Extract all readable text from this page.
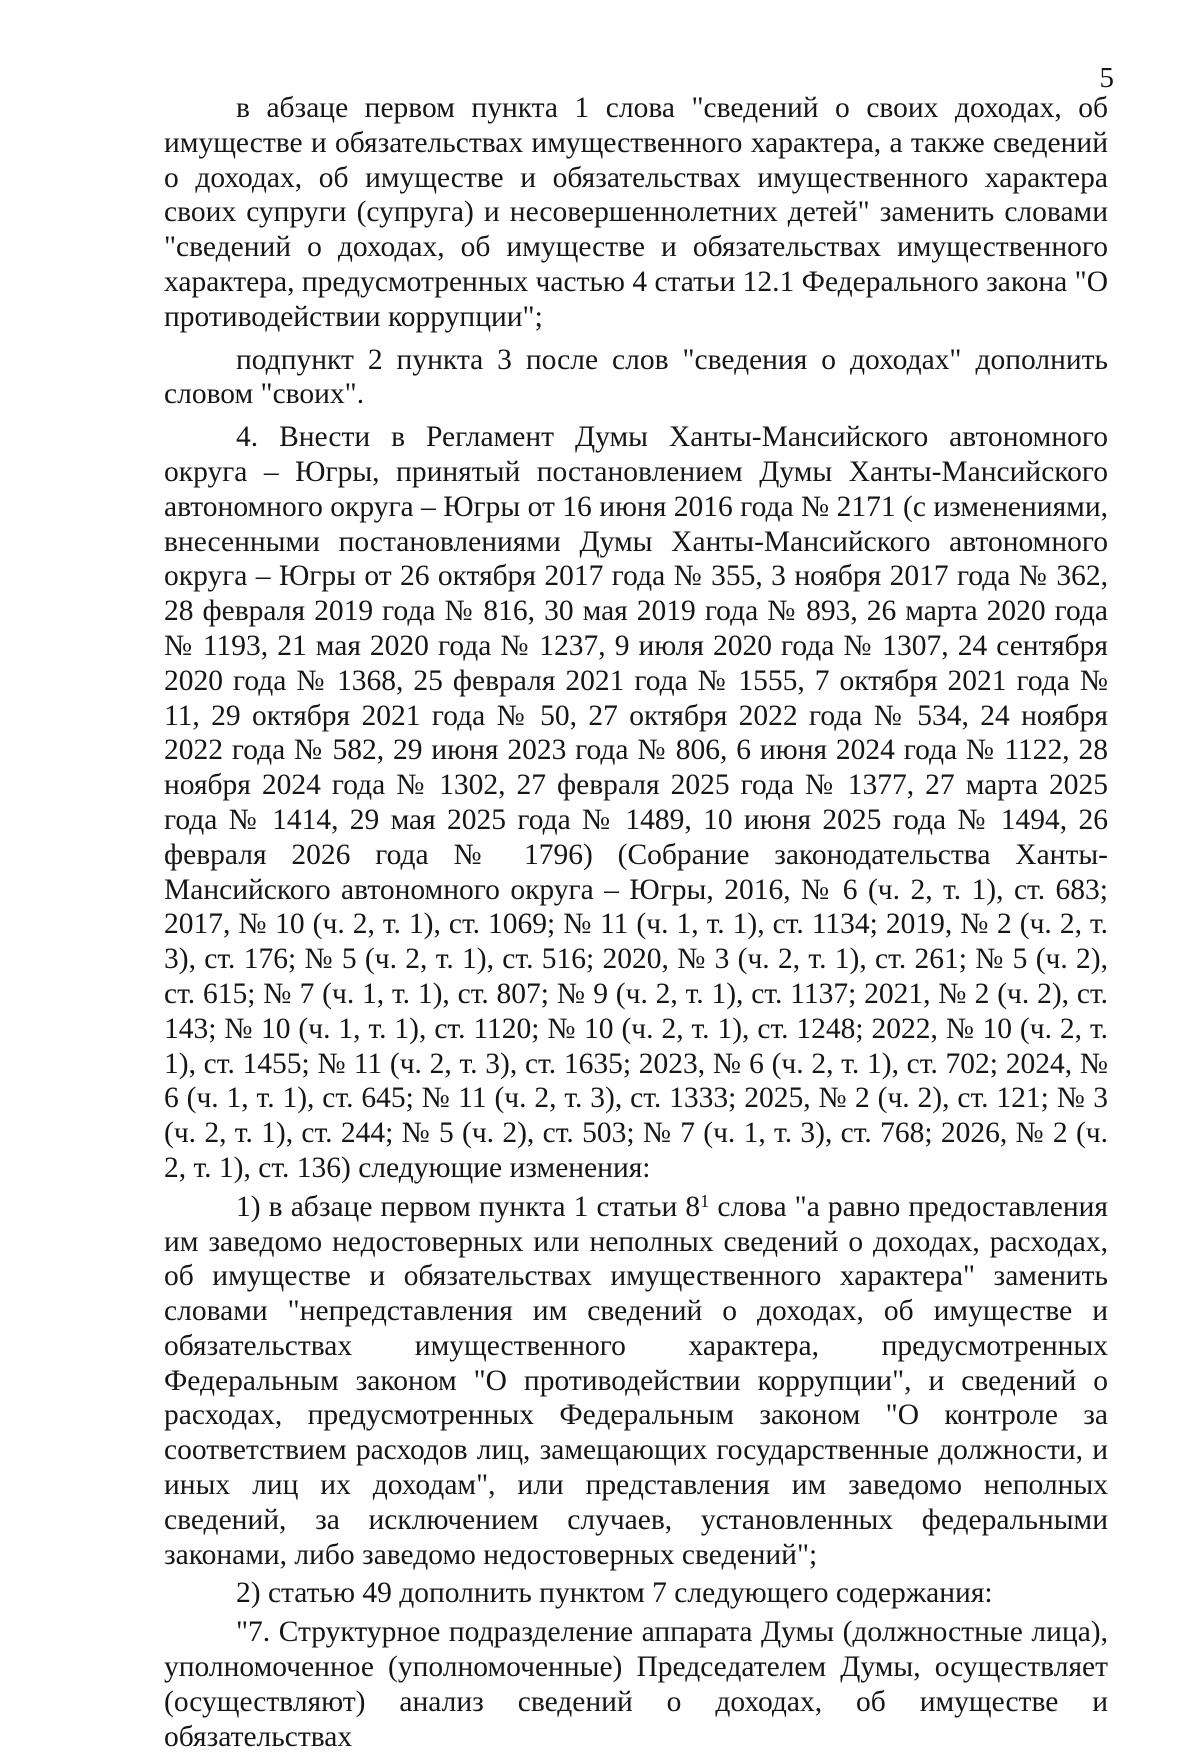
5

в абзаце первом пункта 1 слова "сведений о своих доходах, об имуществе и обязательствах имущественного характера, а также сведений о доходах, об имуществе и обязательствах имущественного характера своих супруги (супруга) и несовершеннолетних детей" заменить словами "сведений о доходах, об имуществе и обязательствах имущественного характера, предусмотренных частью 4 статьи 12.1 Федерального закона "О противодействии коррупции";

подпункт 2 пункта 3 после слов "сведения о доходах" дополнить словом "своих".

4. Внести в Регламент Думы Ханты-Мансийского автономного округа – Югры, принятый постановлением Думы Ханты-Мансийского автономного округа – Югры от 16 июня 2016 года № 2171 (с изменениями, внесенными постановлениями Думы Ханты-Мансийского автономного округа – Югры от 26 октября 2017 года № 355, 3 ноября 2017 года № 362, 28 февраля 2019 года № 816, 30 мая 2019 года № 893, 26 марта 2020 года № 1193, 21 мая 2020 года № 1237, 9 июля 2020 года № 1307, 24 сентября 2020 года № 1368, 25 февраля 2021 года № 1555, 7 октября 2021 года № 11, 29 октября 2021 года № 50, 27 октября 2022 года № 534, 24 ноября 2022 года № 582, 29 июня 2023 года № 806, 6 июня 2024 года № 1122, 28 ноября 2024 года № 1302, 27 февраля 2025 года № 1377, 27 марта 2025 года № 1414, 29 мая 2025 года № 1489, 10 июня 2025 года № 1494, 26 февраля 2026 года № 1796) (Собрание законодательства Ханты-Мансийского автономного округа – Югры, 2016, № 6 (ч. 2, т. 1), ст. 683; 2017, № 10 (ч. 2, т. 1), ст. 1069; № 11 (ч. 1, т. 1), ст. 1134; 2019, № 2 (ч. 2, т. 3), ст. 176; № 5 (ч. 2, т. 1), ст. 516; 2020, № 3 (ч. 2, т. 1), ст. 261; № 5 (ч. 2), ст. 615; № 7 (ч. 1, т. 1), ст. 807; № 9 (ч. 2, т. 1), ст. 1137; 2021, № 2 (ч. 2), ст. 143; № 10 (ч. 1, т. 1), ст. 1120; № 10 (ч. 2, т. 1), ст. 1248; 2022, № 10 (ч. 2, т. 1), ст. 1455; № 11 (ч. 2, т. 3), ст. 1635; 2023, № 6 (ч. 2, т. 1), ст. 702; 2024, № 6 (ч. 1, т. 1), ст. 645; № 11 (ч. 2, т. 3), ст. 1333; 2025, № 2 (ч. 2), ст. 121; № 3 (ч. 2, т. 1), ст. 244; № 5 (ч. 2), ст. 503; № 7 (ч. 1, т. 3), ст. 768; 2026, № 2 (ч. 2, т. 1), ст. 136) следующие изменения:

1) в абзаце первом пункта 1 статьи $8^1$ слова "а равно предоставления им заведомо недостоверных или неполных сведений о доходах, расходах, об имуществе и обязательствах имущественного характера" заменить словами "непредставления им сведений о доходах, об имуществе и обязательствах имущественного характера, предусмотренных Федеральным законом "О противодействии коррупции", и сведений о расходах, предусмотренных Федеральным законом "О контроле за соответствием расходов лиц, замещающих государственные должности, и иных лиц их доходам", или представления им заведомо неполных сведений, за исключением случаев, установленных федеральными законами, либо заведомо недостоверных сведений";

2) статью 49 дополнить пунктом 7 следующего содержания:

"7. Структурное подразделение аппарата Думы (должностные лица), уполномоченное (уполномоченные) Председателем Думы, осуществляет (осуществляют) анализ сведений о доходах, об имуществе и обязательствах
